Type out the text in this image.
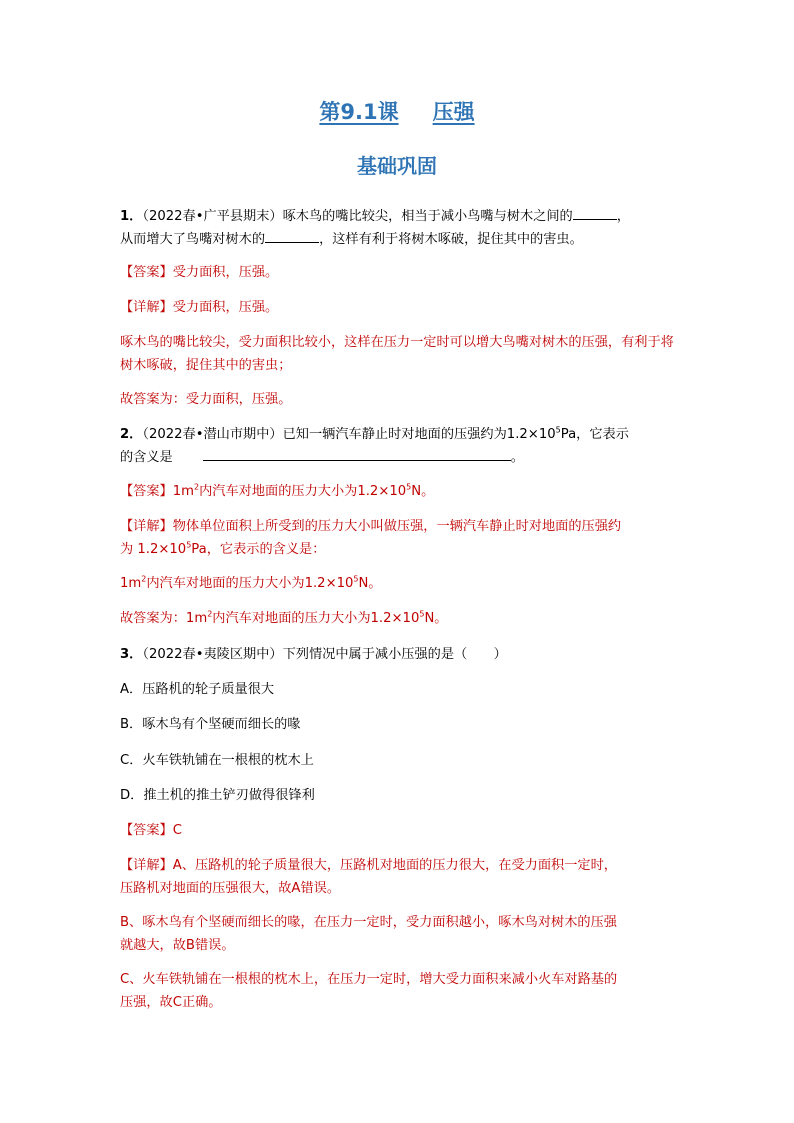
第9.1课 压强
基础巩固

1．（2022春•广平县期末）啄木鸟的嘴比较尖，相当于减小鸟嘴与树木之间的	，
从而增大了鸟嘴对树木的	，这样有利于将树木啄破，捉住其中的害虫。

【答案】受力面积，压强。

【详解】受力面积，压强。

啄木鸟的嘴比较尖，受力面积比较小，这样在压力一定时可以增大鸟嘴对树木的压强，有利于将树木啄破，捉住其中的害虫；

故答案为：受力面积，压强。

2．（2022春•潜山市期中）已知一辆汽车静止时对地面的压强约为$1.2\times 10^5Pa$，它表示
的含义是	。

【答案】$1m^2$内汽车对地面的压力大小为$1.2\times 10^5N$。

【详解】物体单位面积上所受到的压力大小叫做压强，一辆汽车静止时对地面的压强约
为 $1.2\times 10^5Pa$，它表示的含义是：

$1m^2$内汽车对地面的压力大小为$1.2\times 10^5N$。

故答案为：$1m^2$内汽车对地面的压力大小为$1.2\times 10^5N$。

3．（2022春•夷陵区期中）下列情况中属于减小压强的是（　　）

A．压路机的轮子质量很大

B．啄木鸟有个坚硬而细长的喙

C．火车铁轨铺在一根根的枕木上

D．推土机的推土铲刃做得很锋利

【答案】C

【详解】A、压路机的轮子质量很大，压路机对地面的压力很大，在受力面积一定时，
压路机对地面的压强很大，故A错误。

B、啄木鸟有个坚硬而细长的喙，在压力一定时，受力面积越小，啄木鸟对树木的压强
就越大，故B错误。

C、火车铁轨铺在一根根的枕木上，在压力一定时，增大受力面积来减小火车对路基的
压强，故C正确。
